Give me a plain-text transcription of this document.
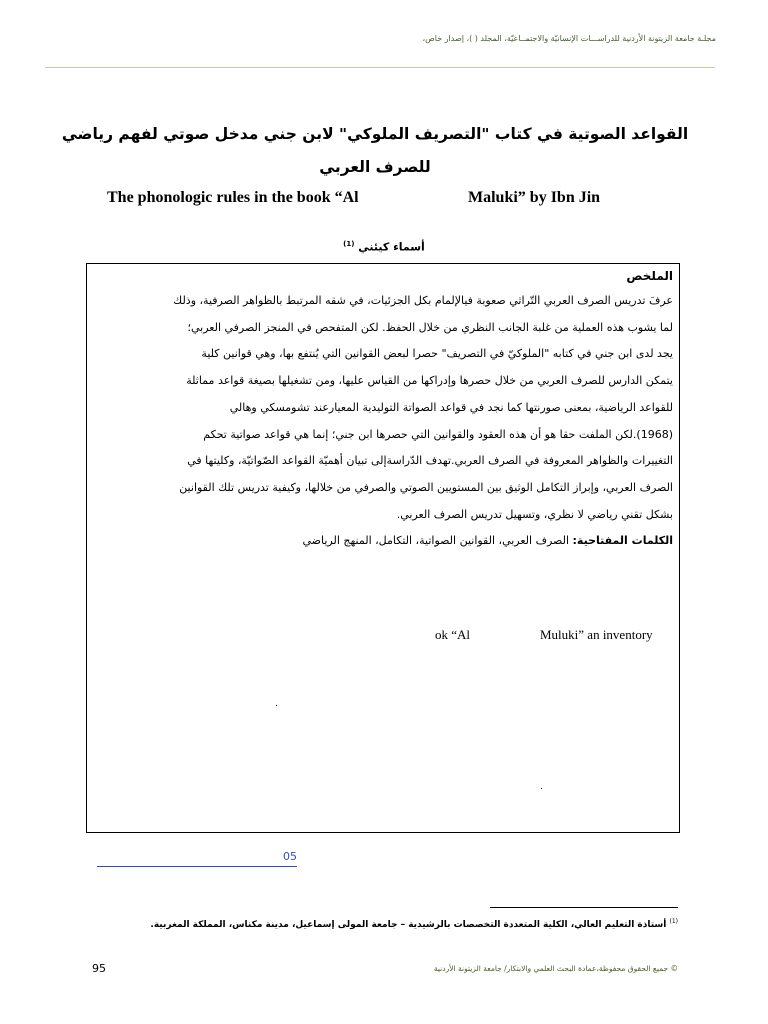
مجلـة جامعة الزيتونة الأردنية للدراســـات الإنسانيّة والاجتمــاعيّة، المجلد ( )، إصدار خاص،
القواعد الصوتية في كتاب "التصريف الملوكي" لابن جني مدخل صوتي لفهم رياضي
للصرف العربي
The phonologic rules in the book “Al	Maluki” by Ibn Jin
أسماء كيئني $^{(1)}$
الملخص
عرفَ تدريس الصرف العربي التّراثي صعوبة فيالإلمام بكل الجزئيات، في شقه المرتبط بالظواهر الصرفية، وذلك
لما يشوب هذه العملية من غلبة الجانب النظري من خلال الحفظ. لكن المتفحص في المنجز الصرفي العربي؛
يجد لدى ابن جني في كتابه "الملوكيّ في التصريف" حصرا لبعض القوانين التي يُنتفع بها، وهي قوانين كلية
يتمكن الدارس للصرف العربي من خلال حصرها وإدراكها من القياس عليها، ومن تشغيلها بصيغة قواعد مماثلة
للقواعد الرياضية، بمعنى صورنتها كما نجد في قواعد الصواتة التوليدية المعيارعند تشومسكي وهالي
(1968).لكن الملفت حقا هو أن هذه العقود والقوانين التي حصرها ابن جني؛ إنما هي قواعد صواتية تحكم
التغييرات والظواهر المعروفة في الصرف العربي.تهدف الدّراسةإلى تبيان أهميّة القواعد الصّواتيّة، وكليتها في
الصرف العربي، وإبراز التكامل الوثيق بين المستويين الصوتي والصرفي من خلالها، وكيفية تدريس تلك القوانين
بشكل تقني رياضي لا نظري، وتسهيل تدريس الصرف العربي.
الكلمات المفتاحية: الصرف العربي، القوانين الصواتية، التكامل، المنهج الرياضي
ok “Al	Muluki” an inventory
.
.
05
$^{(1)}$ أستاذة التعليم العالي، الكلية المتعددة التخصصات بالرشيدية – جامعة المولى إسماعيل، مدينة مكناس، المملكة المغربية.
95	© جميع الحقوق محفوظة،عمادة البحث العلمي والابتكار/ جامعة الزيتونة الأردنية
